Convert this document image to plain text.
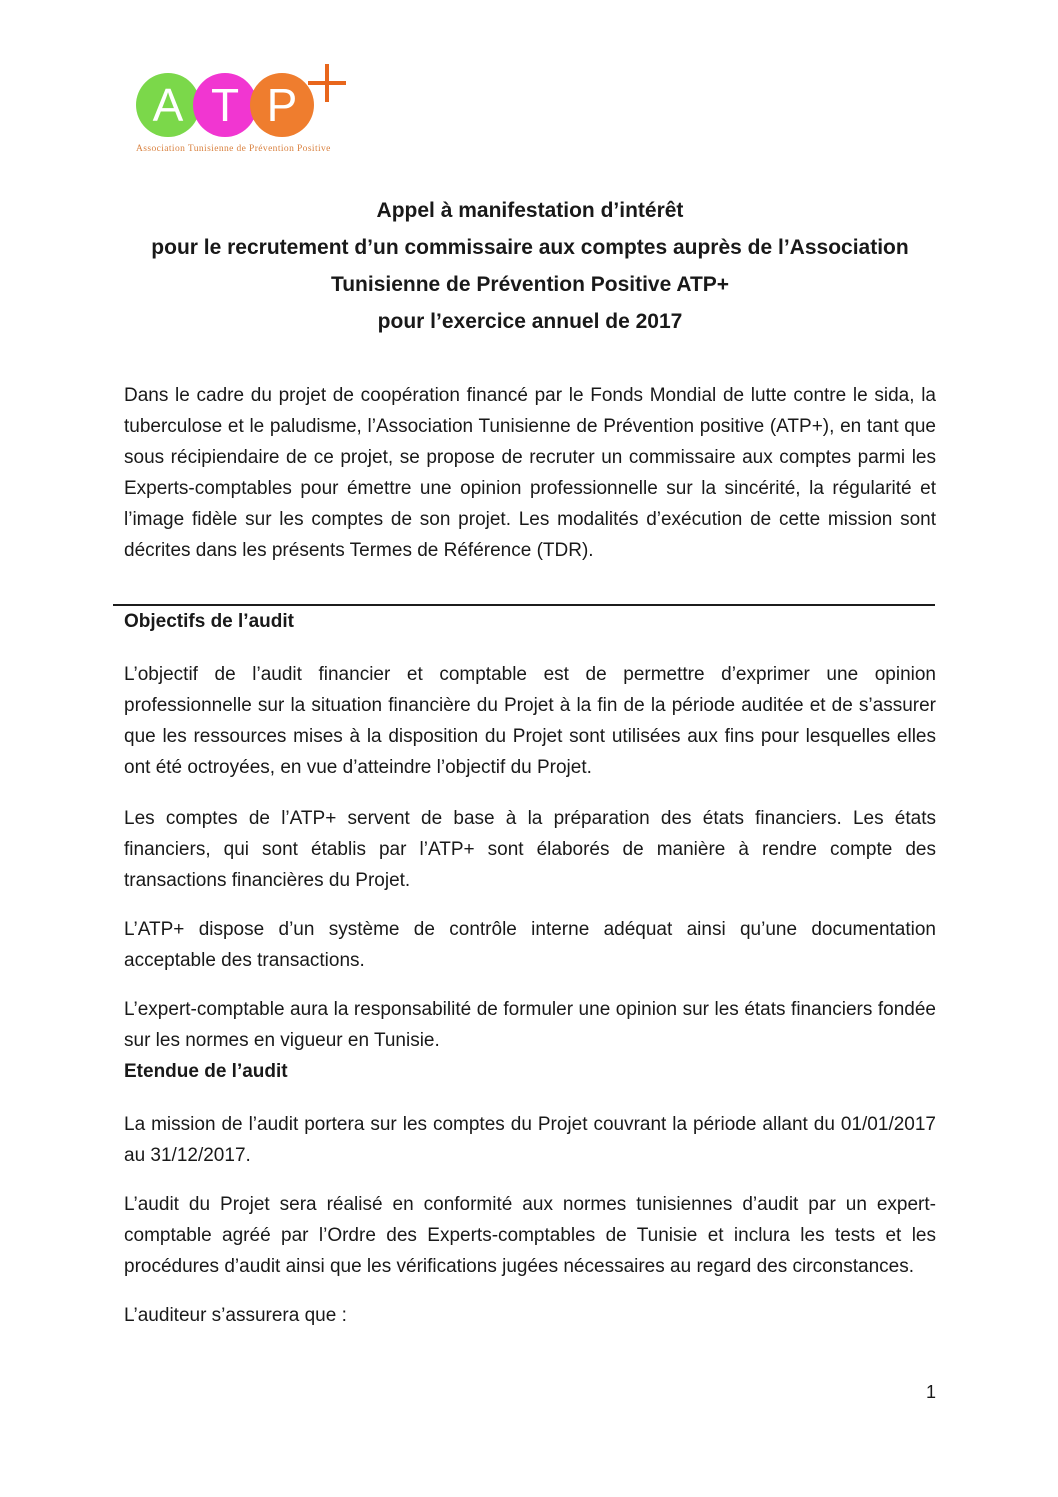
A T P
Association Tunisienne de Prévention Positive
Appel à manifestation d’intérêt
pour le recrutement d’un commissaire aux comptes auprès de l’Association
Tunisienne de Prévention Positive ATP+
pour l’exercice annuel de 2017

Dans le cadre du projet de coopération financé par le Fonds Mondial de lutte contre le sida, la tuberculose et le paludisme, l’Association Tunisienne de Prévention positive (ATP+), en tant que sous récipiendaire de ce projet, se propose de recruter un commissaire aux comptes parmi les Experts-comptables pour émettre une opinion professionnelle sur la sincérité, la régularité et l’image fidèle sur les comptes de son projet. Les modalités d’exécution de cette mission sont décrites dans les présents Termes de Référence (TDR).

Objectifs de l’audit

L’objectif de l’audit financier et comptable est de permettre d’exprimer une opinion professionnelle sur la situation financière du Projet à la fin de la période auditée et de s’assurer que les ressources mises à la disposition du Projet sont utilisées aux fins pour lesquelles elles ont été octroyées, en vue d’atteindre l’objectif du Projet.

Les comptes de l’ATP+ servent de base à la préparation des états financiers. Les états financiers, qui sont établis par l’ATP+ sont élaborés de manière à rendre compte des transactions financières du Projet.

L’ATP+ dispose d’un système de contrôle interne adéquat ainsi qu’une documentation acceptable des transactions.

L’expert-comptable aura la responsabilité de formuler une opinion sur les états financiers fondée sur les normes en vigueur en Tunisie.

Etendue de l’audit

La mission de l’audit portera sur les comptes du Projet couvrant la période allant du 01/01/2017 au 31/12/2017.

L’audit du Projet sera réalisé en conformité aux normes tunisiennes d’audit par un expert-comptable agréé par l’Ordre des Experts-comptables de Tunisie et inclura les tests et les procédures d’audit ainsi que les vérifications jugées nécessaires au regard des circonstances.

L’auditeur s’assurera que :

1
